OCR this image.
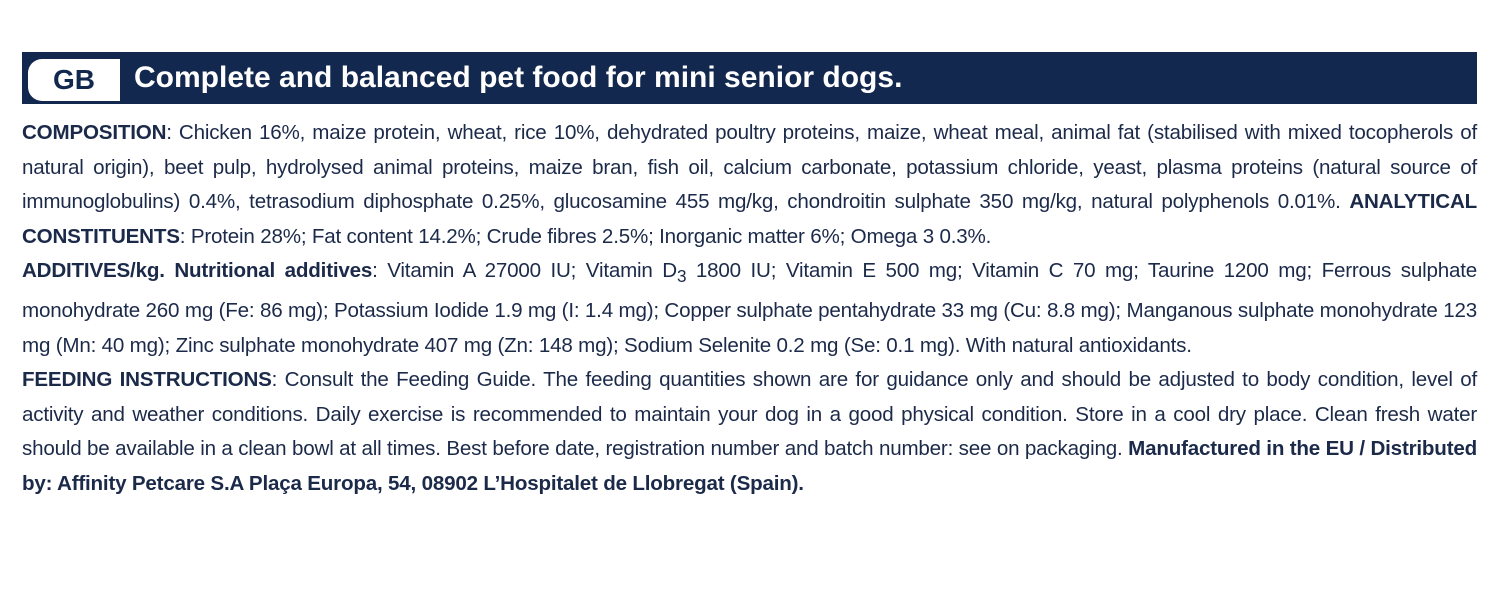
GB	Complete and balanced pet food for mini senior dogs.
COMPOSITION: Chicken 16%, maize protein, wheat, rice 10%, dehydrated poultry proteins, maize, wheat meal, animal fat (stabilised with mixed tocopherols of natural origin), beet pulp, hydrolysed animal proteins, maize bran, fish oil, calcium carbonate, potassium chloride, yeast, plasma proteins (natural source of immunoglobulins) 0.4%, tetrasodium diphosphate 0.25%, glucosamine 455 mg/kg, chondroitin sulphate 350 mg/kg, natural polyphenols 0.01%. ANALYTICAL CONSTITUENTS: Protein 28%; Fat content 14.2%; Crude fibres 2.5%; Inorganic matter 6%; Omega 3 0.3%.
ADDITIVES/kg. Nutritional additives: Vitamin A 27000 IU; Vitamin $D_3$ 1800 IU; Vitamin E 500 mg; Vitamin C 70 mg; Taurine 1200 mg; Ferrous sulphate monohydrate 260 mg (Fe: 86 mg); Potassium Iodide 1.9 mg (I: 1.4 mg); Copper sulphate pentahydrate 33 mg (Cu: 8.8 mg); Manganous sulphate monohydrate 123 mg (Mn: 40 mg); Zinc sulphate monohydrate 407 mg (Zn: 148 mg); Sodium Selenite 0.2 mg (Se: 0.1 mg). With natural antioxidants.
FEEDING INSTRUCTIONS: Consult the Feeding Guide. The feeding quantities shown are for guidance only and should be adjusted to body condition, level of activity and weather conditions. Daily exercise is recommended to maintain your dog in a good physical condition. Store in a cool dry place. Clean fresh water should be available in a clean bowl at all times. Best before date, registration number and batch number: see on packaging. Manufactured in the EU / Distributed by: Affinity Petcare S.A Plaça Europa, 54, 08902 L’Hospitalet de Llobregat (Spain).
